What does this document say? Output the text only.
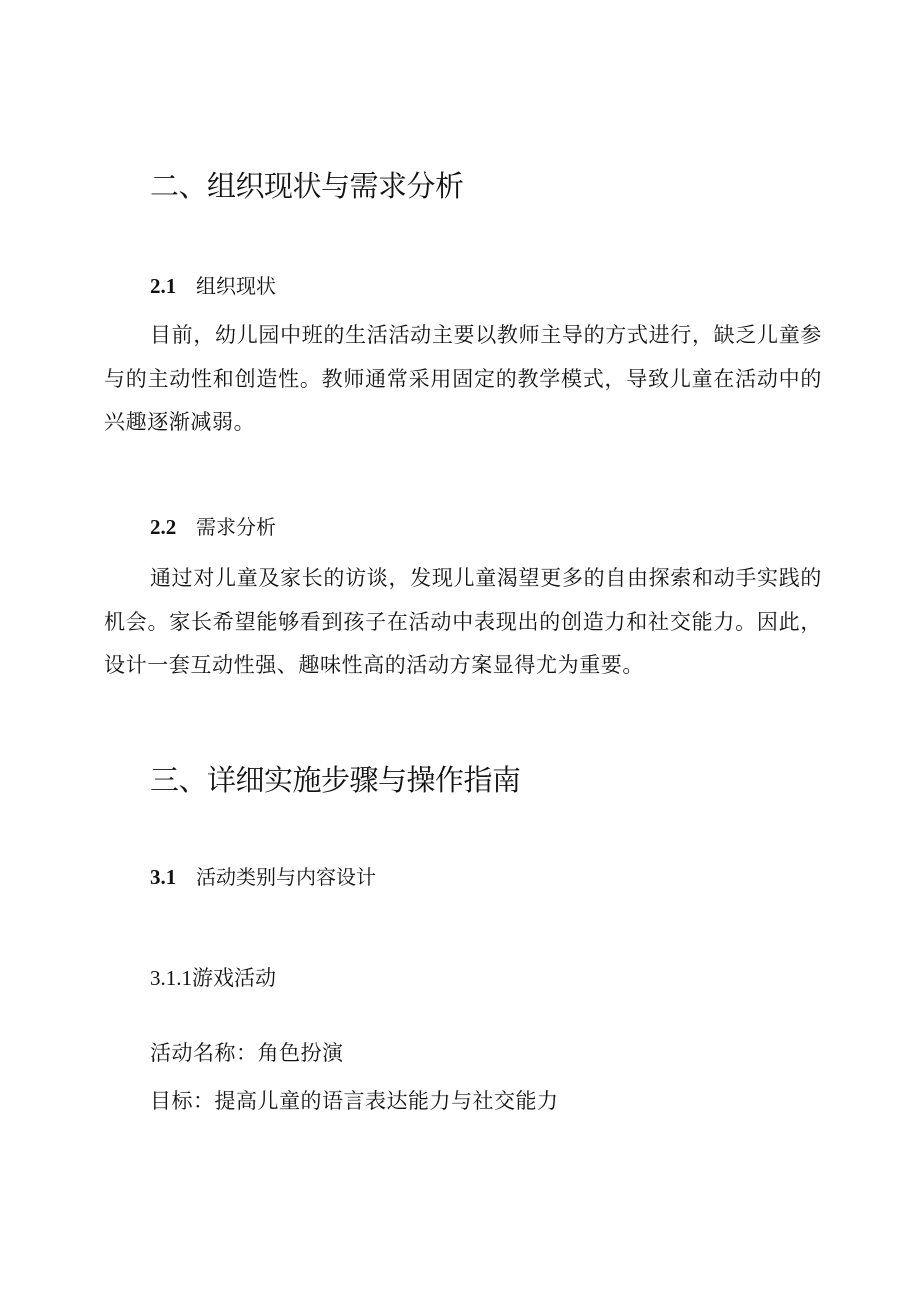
二、组织现状与需求分析
2.1 组织现状
目前，幼儿园中班的生活活动主要以教师主导的方式进行，缺乏儿童参与的主动性和创造性。教师通常采用固定的教学模式，导致儿童在活动中的兴趣逐渐减弱。
2.2 需求分析
通过对儿童及家长的访谈，发现儿童渴望更多的自由探索和动手实践的机会。家长希望能够看到孩子在活动中表现出的创造力和社交能力。因此，设计一套互动性强、趣味性高的活动方案显得尤为重要。
三、详细实施步骤与操作指南
3.1 活动类别与内容设计
3.1.1游戏活动
活动名称：角色扮演
目标：提高儿童的语言表达能力与社交能力
